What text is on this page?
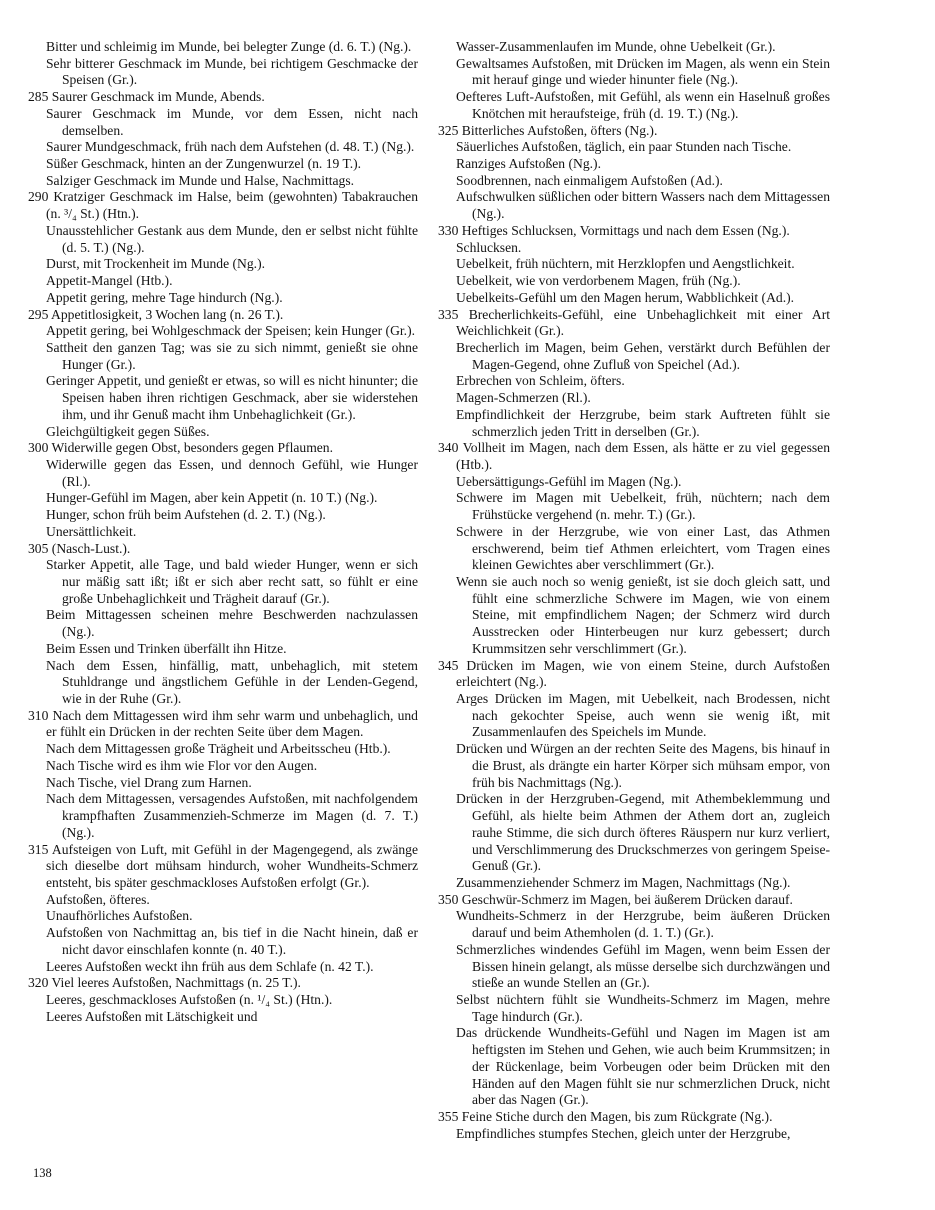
Bitter und schleimig im Munde, bei belegter Zunge (d. 6. T.) (Ng.).
Sehr bitterer Geschmack im Munde, bei richtigem Geschmacke der Speisen (Gr.).
285 Saurer Geschmack im Munde, Abends.
Saurer Geschmack im Munde, vor dem Essen, nicht nach demselben.
Saurer Mundgeschmack, früh nach dem Aufstehen (d. 48. T.) (Ng.).
Süßer Geschmack, hinten an der Zungenwurzel (n. 19 T.).
Salziger Geschmack im Munde und Halse, Nachmittags.
290 Kratziger Geschmack im Halse, beim (gewohnten) Tabakrauchen (n. ³/₄ St.) (Htn.).
Unausstehlicher Gestank aus dem Munde, den er selbst nicht fühlte (d. 5. T.) (Ng.).
Durst, mit Trockenheit im Munde (Ng.).
Appetit-Mangel (Htb.).
Appetit gering, mehre Tage hindurch (Ng.).
295 Appetitlosigkeit, 3 Wochen lang (n. 26 T.).
Appetit gering, bei Wohlgeschmack der Speisen; kein Hunger (Gr.).
Sattheit den ganzen Tag; was sie zu sich nimmt, genießt sie ohne Hunger (Gr.).
Geringer Appetit, und genießt er etwas, so will es nicht hinunter; die Speisen haben ihren richtigen Geschmack, aber sie widerstehen ihm, und ihr Genuß macht ihm Unbehaglichkeit (Gr.).
Gleichgültigkeit gegen Süßes.
300 Widerwille gegen Obst, besonders gegen Pflaumen.
Widerwille gegen das Essen, und dennoch Gefühl, wie Hunger (Rl.).
Hunger-Gefühl im Magen, aber kein Appetit (n. 10 T.) (Ng.).
Hunger, schon früh beim Aufstehen (d. 2. T.) (Ng.).
Unersättlichkeit.
305 (Nasch-Lust.).
Starker Appetit, alle Tage, und bald wieder Hunger, wenn er sich nur mäßig satt ißt; ißt er sich aber recht satt, so fühlt er eine große Unbehaglichkeit und Trägheit darauf (Gr.).
Beim Mittagessen scheinen mehre Beschwerden nachzulassen (Ng.).
Beim Essen und Trinken überfällt ihn Hitze.
Nach dem Essen, hinfällig, matt, unbehaglich, mit stetem Stuhldrange und ängstlichem Gefühle in der Lenden-Gegend, wie in der Ruhe (Gr.).
310 Nach dem Mittagessen wird ihm sehr warm und unbehaglich, und er fühlt ein Drücken in der rechten Seite über dem Magen.
Nach dem Mittagessen große Trägheit und Arbeitsscheu (Htb.).
Nach Tische wird es ihm wie Flor vor den Augen.
Nach Tische, viel Drang zum Harnen.
Nach dem Mittagessen, versagendes Aufstoßen, mit nachfolgendem krampfhaften Zusammenzieh-Schmerze im Magen (d. 7. T.) (Ng.).
315 Aufsteigen von Luft, mit Gefühl in der Magengegend, als zwänge sich dieselbe dort mühsam hindurch, woher Wundheits-Schmerz entsteht, bis später geschmackloses Aufstoßen erfolgt (Gr.).
Aufstoßen, öfteres.
Unaufhörliches Aufstoßen.
Aufstoßen von Nachmittag an, bis tief in die Nacht hinein, daß er nicht davor einschlafen konnte (n. 40 T.).
Leeres Aufstoßen weckt ihn früh aus dem Schlafe (n. 42 T.).
320 Viel leeres Aufstoßen, Nachmittags (n. 25 T.).
Leeres, geschmackloses Aufstoßen (n. ¹/₄ St.) (Htn.).
Leeres Aufstoßen mit Lätschigkeit und
Wasser-Zusammenlaufen im Munde, ohne Uebelkeit (Gr.).
Gewaltsames Aufstoßen, mit Drücken im Magen, als wenn ein Stein mit herauf ginge und wieder hinunter fiele (Ng.).
Oefteres Luft-Aufstoßen, mit Gefühl, als wenn ein Haselnuß großes Knötchen mit heraufsteige, früh (d. 19. T.) (Ng.).
325 Bitterliches Aufstoßen, öfters (Ng.).
Säuerliches Aufstoßen, täglich, ein paar Stunden nach Tische.
Ranziges Aufstoßen (Ng.).
Soodbrennen, nach einmaligem Aufstoßen (Ad.).
Aufschwulken süßlichen oder bittern Wassers nach dem Mittagessen (Ng.).
330 Heftiges Schlucksen, Vormittags und nach dem Essen (Ng.).
Schlucksen.
Uebelkeit, früh nüchtern, mit Herzklopfen und Aengstlichkeit.
Uebelkeit, wie von verdorbenem Magen, früh (Ng.).
Uebelkeits-Gefühl um den Magen herum, Wabblichkeit (Ad.).
335 Brecherlichkeits-Gefühl, eine Unbehaglichkeit mit einer Art Weichlichkeit (Gr.).
Brecherlich im Magen, beim Gehen, verstärkt durch Befühlen der Magen-Gegend, ohne Zufluß von Speichel (Ad.).
Erbrechen von Schleim, öfters.
Magen-Schmerzen (Rl.).
Empfindlichkeit der Herzgrube, beim stark Auftreten fühlt sie schmerzlich jeden Tritt in derselben (Gr.).
340 Vollheit im Magen, nach dem Essen, als hätte er zu viel gegessen (Htb.).
Uebersättigungs-Gefühl im Magen (Ng.).
Schwere im Magen mit Uebelkeit, früh, nüchtern; nach dem Frühstücke vergehend (n. mehr. T.) (Gr.).
Schwere in der Herzgrube, wie von einer Last, das Athmen erschwerend, beim tief Athmen erleichtert, vom Tragen eines kleinen Gewichtes aber verschlimmert (Gr.).
Wenn sie auch noch so wenig genießt, ist sie doch gleich satt, und fühlt eine schmerzliche Schwere im Magen, wie von einem Steine, mit empfindlichem Nagen; der Schmerz wird durch Ausstrecken oder Hinterbeugen nur kurz gebessert; durch Krummsitzen sehr verschlimmert (Gr.).
345 Drücken im Magen, wie von einem Steine, durch Aufstoßen erleichtert (Ng.).
Arges Drücken im Magen, mit Uebelkeit, nach Brodessen, nicht nach gekochter Speise, auch wenn sie wenig ißt, mit Zusammenlaufen des Speichels im Munde.
Drücken und Würgen an der rechten Seite des Magens, bis hinauf in die Brust, als drängte ein harter Körper sich mühsam empor, von früh bis Nachmittags (Ng.).
Drücken in der Herzgruben-Gegend, mit Athembeklemmung und Gefühl, als hielte beim Athmen der Athem dort an, zugleich rauhe Stimme, die sich durch öfteres Räuspern nur kurz verliert, und Verschlimmerung des Druckschmerzes von geringem Speise-Genuß (Gr.).
Zusammenziehender Schmerz im Magen, Nachmittags (Ng.).
350 Geschwür-Schmerz im Magen, bei äußerem Drücken darauf.
Wundheits-Schmerz in der Herzgrube, beim äußeren Drücken darauf und beim Athemholen (d. 1. T.) (Gr.).
Schmerzliches windendes Gefühl im Magen, wenn beim Essen der Bissen hinein gelangt, als müsse derselbe sich durchzwängen und stieße an wunde Stellen an (Gr.).
Selbst nüchtern fühlt sie Wundheits-Schmerz im Magen, mehre Tage hindurch (Gr.).
Das drückende Wundheits-Gefühl und Nagen im Magen ist am heftigsten im Stehen und Gehen, wie auch beim Krummsitzen; in der Rückenlage, beim Vorbeugen oder beim Drücken mit den Händen auf den Magen fühlt sie nur schmerzlichen Druck, nicht aber das Nagen (Gr.).
355 Feine Stiche durch den Magen, bis zum Rückgrate (Ng.).
Empfindliches stumpfes Stechen, gleich unter der Herzgrube,
138
